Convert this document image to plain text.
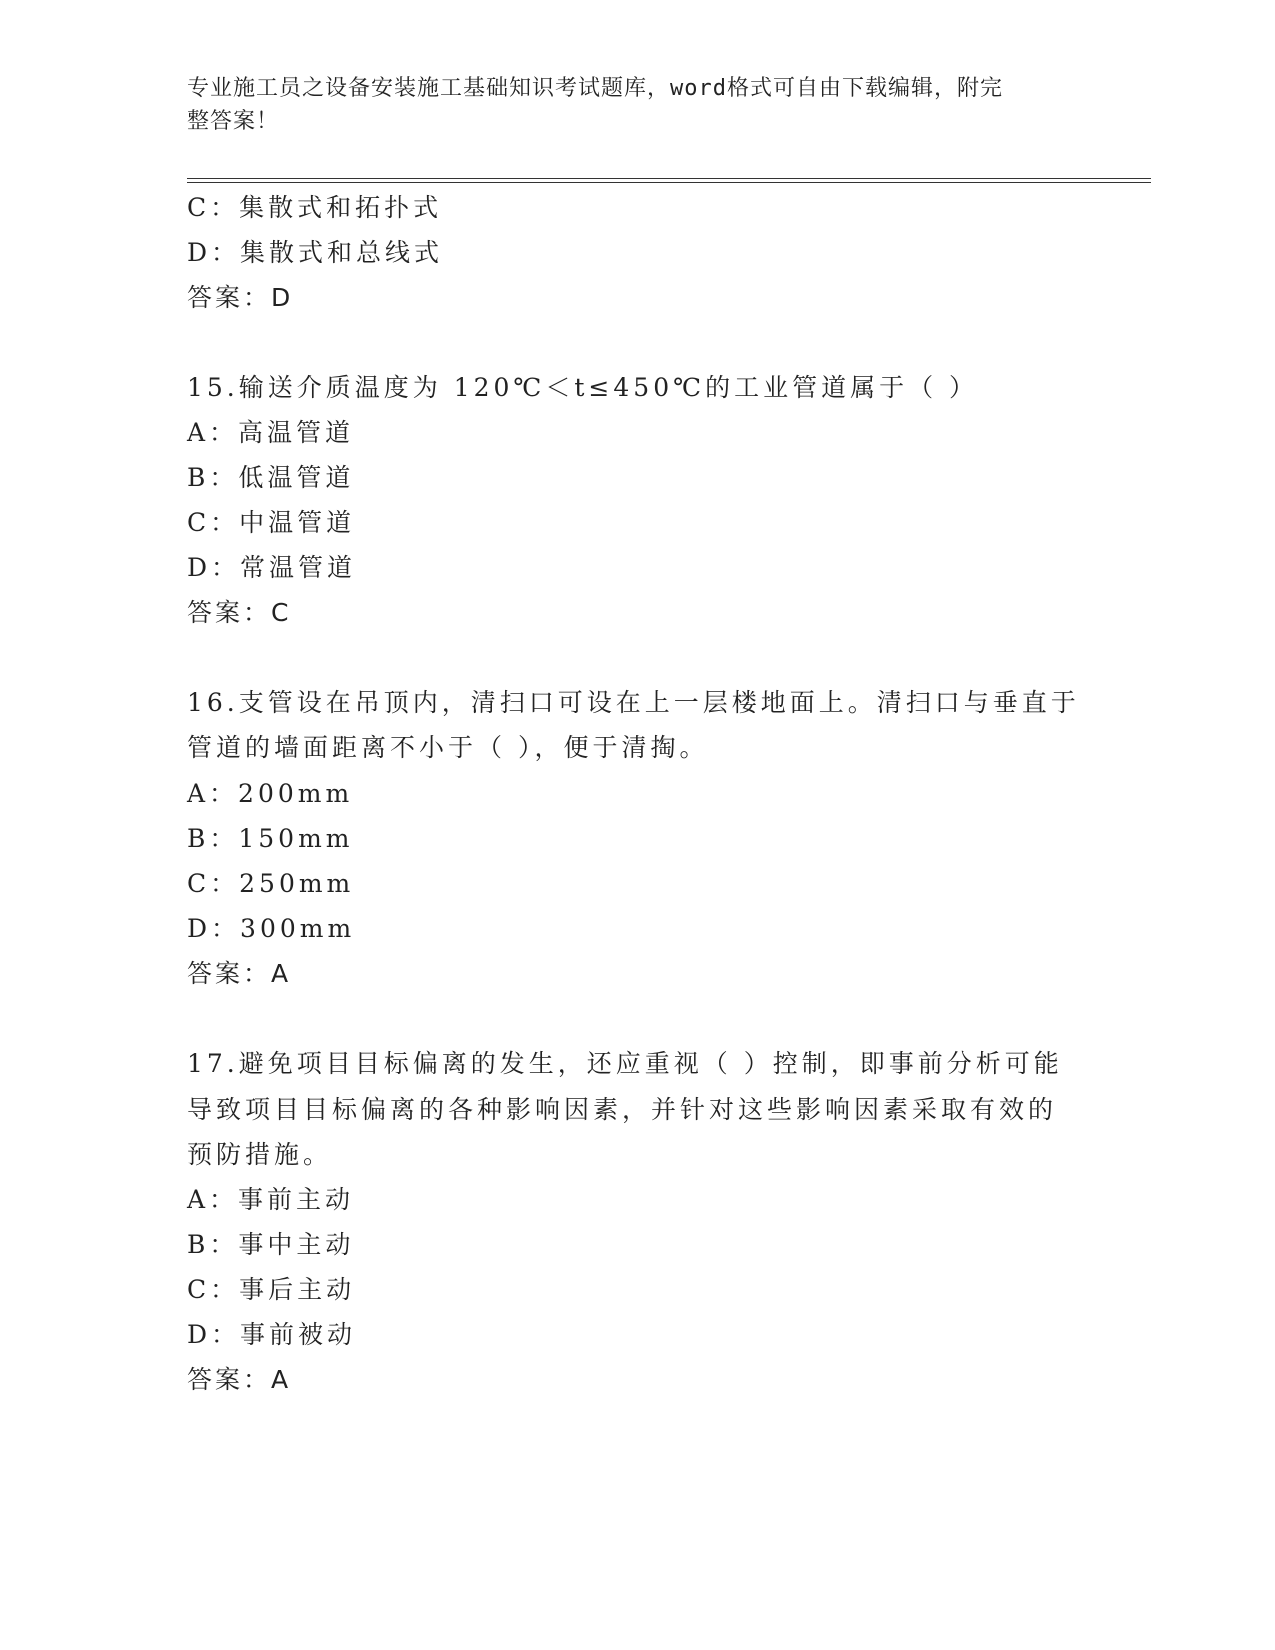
专业施工员之设备安装施工基础知识考试题库，word格式可自由下载编辑，附完
整答案！
C：集散式和拓扑式
D：集散式和总线式
答案：D
15.输送介质温度为 120℃＜t≤450℃的工业管道属于（ ）
A：高温管道
B：低温管道
C：中温管道
D：常温管道
答案：C
16.支管设在吊顶内，清扫口可设在上一层楼地面上。清扫口与垂直于
管道的墙面距离不小于（ ），便于清掏。
A：200mm
B：150mm
C：250mm
D：300mm
答案：A
17.避免项目目标偏离的发生，还应重视（ ）控制，即事前分析可能
导致项目目标偏离的各种影响因素，并针对这些影响因素采取有效的
预防措施。
A：事前主动
B：事中主动
C：事后主动
D：事前被动
答案：A
